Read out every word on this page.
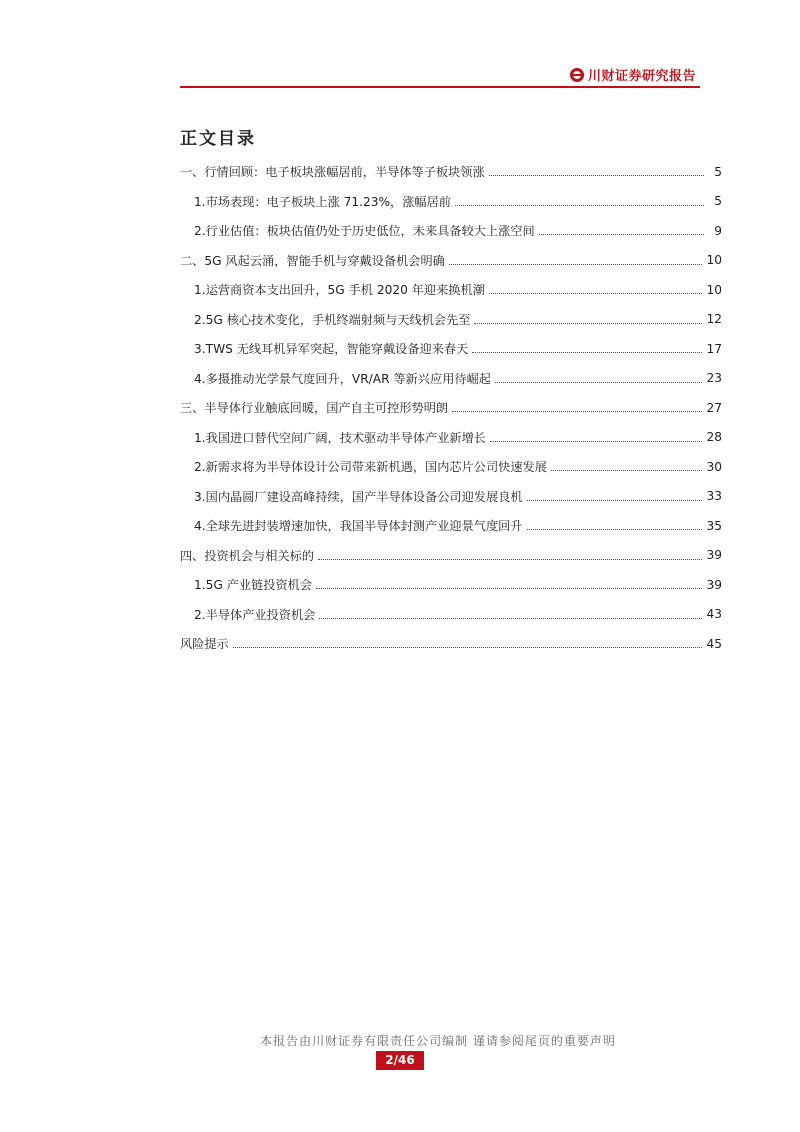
川财证券研究报告
正文目录
一、行情回顾：电子板块涨幅居前，半导体等子板块领涨	5
1.市场表现：电子板块上涨 71.23%，涨幅居前	5
2.行业估值：板块估值仍处于历史低位，未来具备较大上涨空间	9
二、5G 风起云涌，智能手机与穿戴设备机会明确	10
1.运营商资本支出回升，5G 手机 2020 年迎来换机潮	10
2.5G 核心技术变化，手机终端射频与天线机会先至	12
3.TWS 无线耳机异军突起，智能穿戴设备迎来春天	17
4.多摄推动光学景气度回升，VR/AR 等新兴应用待崛起	23
三、半导体行业触底回暖，国产自主可控形势明朗	27
1.我国进口替代空间广阔，技术驱动半导体产业新增长	28
2.新需求将为半导体设计公司带来新机遇，国内芯片公司快速发展	30
3.国内晶圆厂建设高峰持续，国产半导体设备公司迎发展良机	33
4.全球先进封装增速加快，我国半导体封测产业迎景气度回升	35
四、投资机会与相关标的	39
1.5G 产业链投资机会	39
2.半导体产业投资机会	43
风险提示	45
本报告由川财证券有限责任公司编制 谨请参阅尾页的重要声明
2/46
